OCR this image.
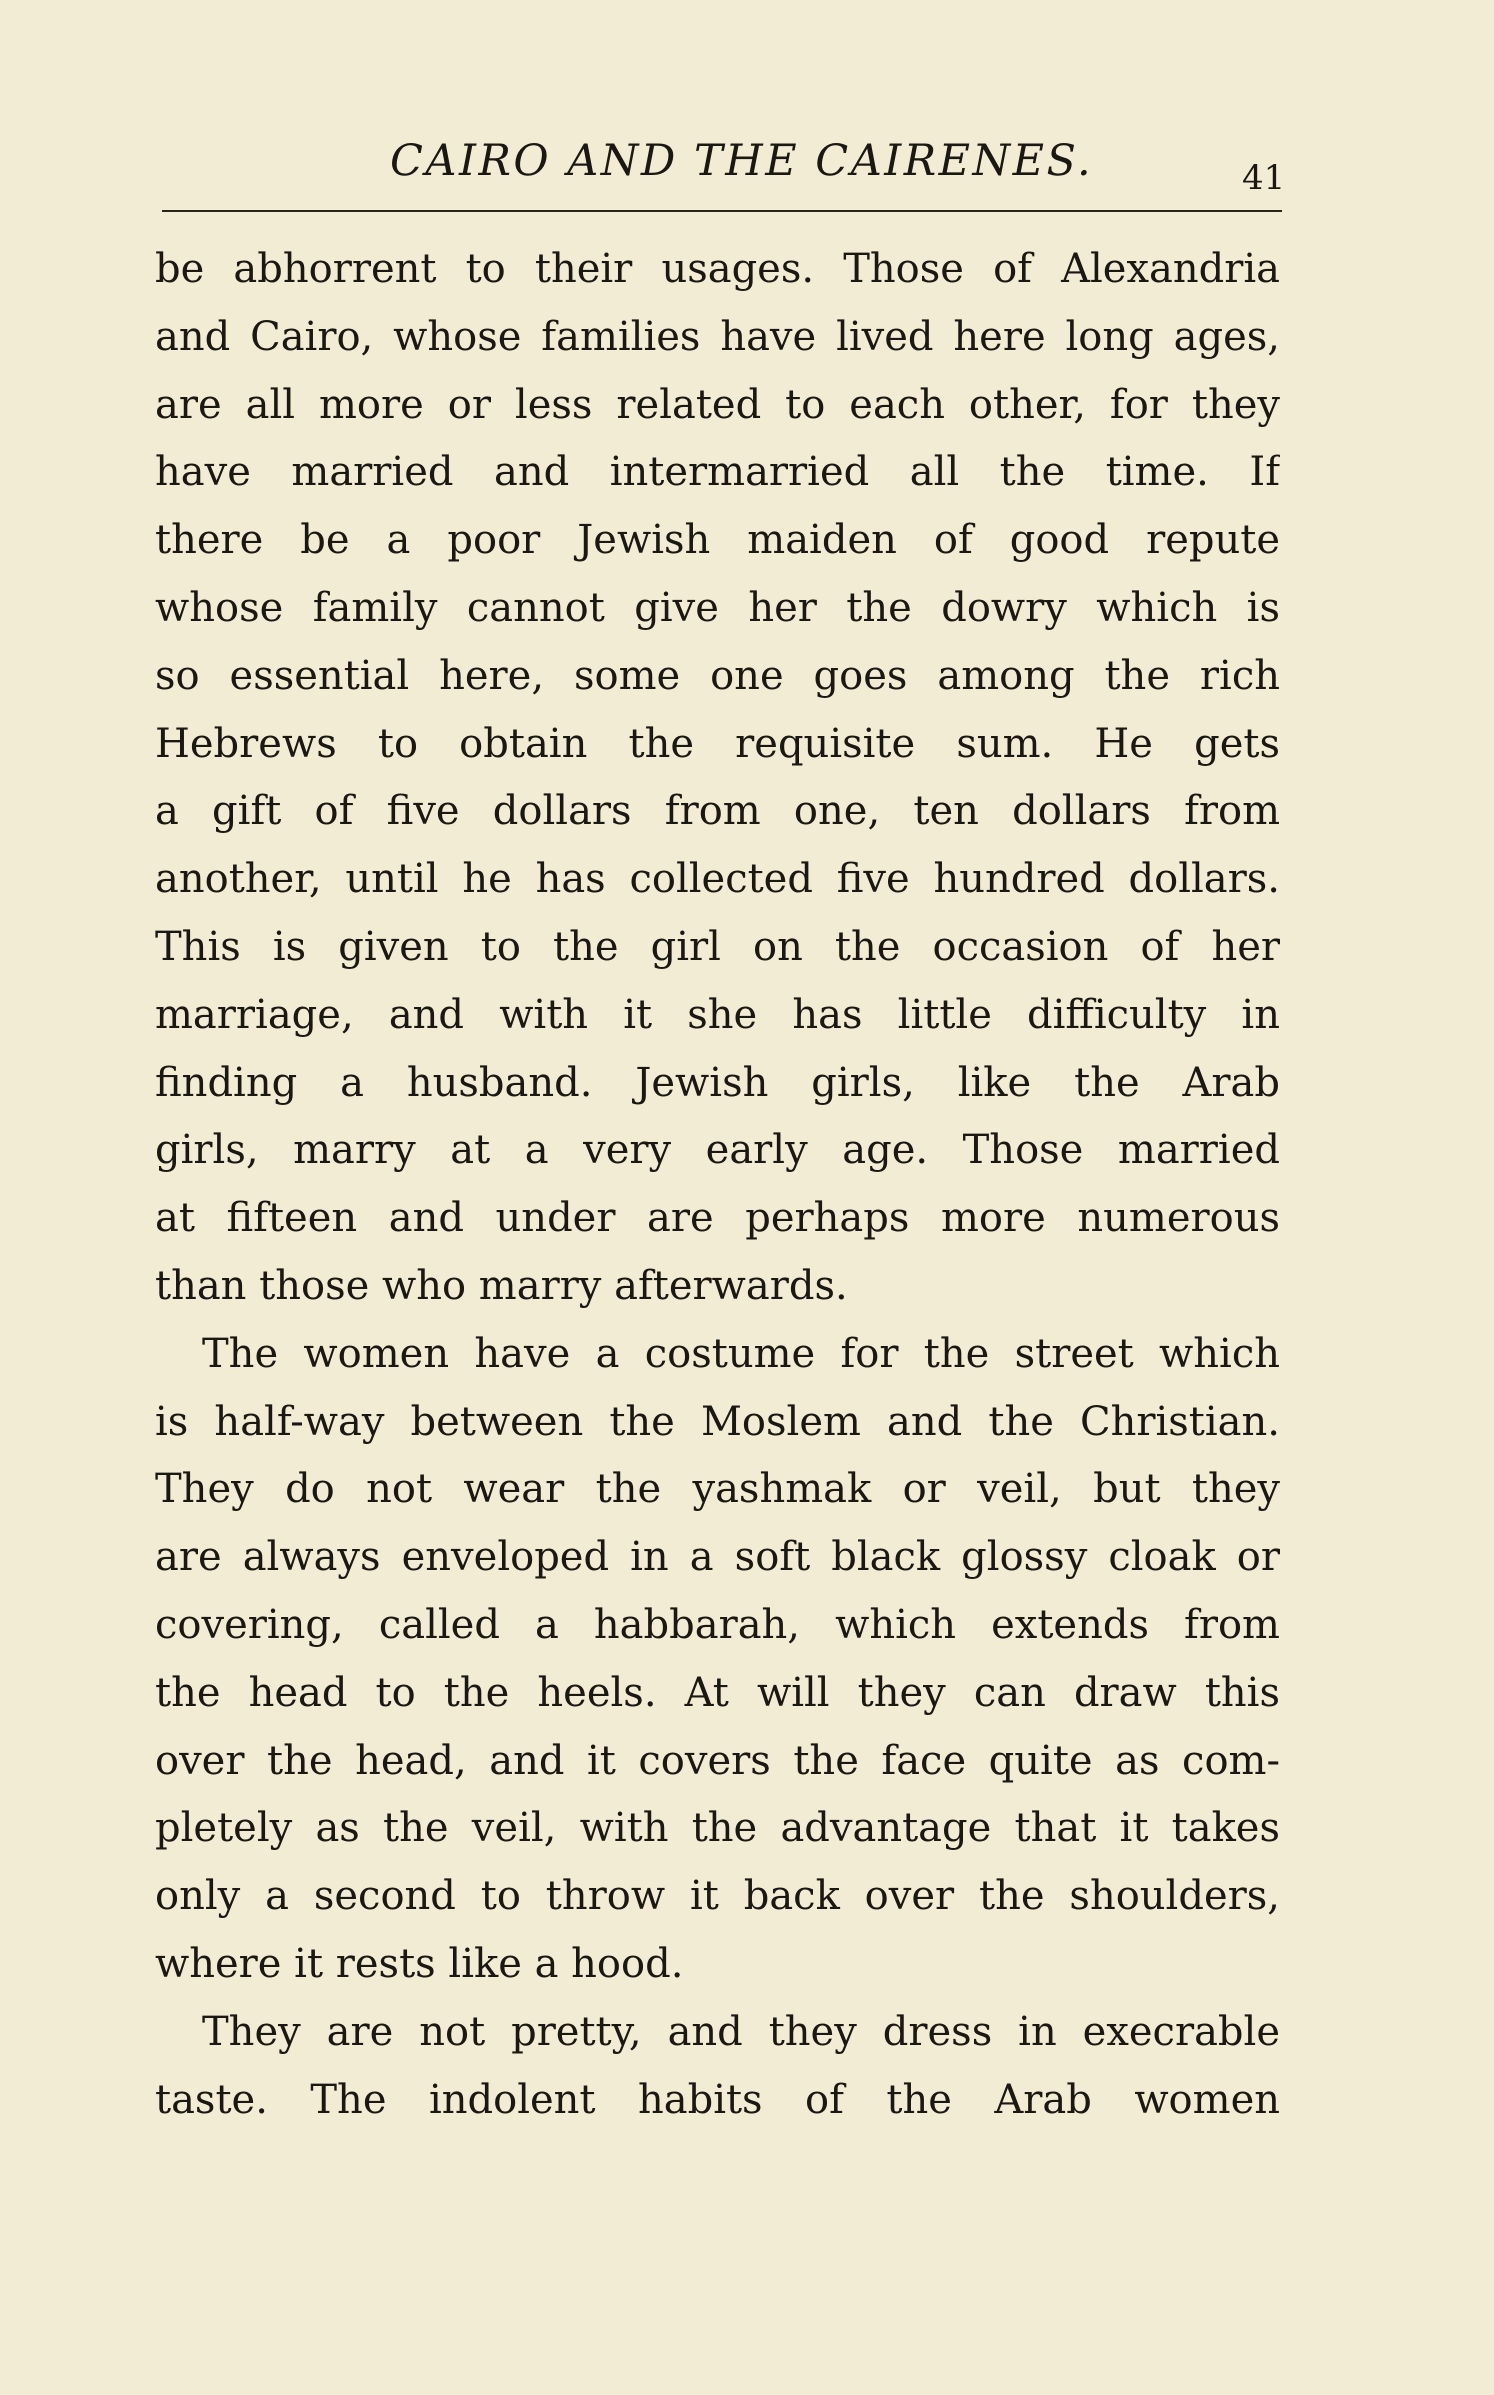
CAIRO AND THE CAIRENES.	41
be abhorrent to their usages. Those of Alexandria
and Cairo, whose families have lived here long ages,
are all more or less related to each other, for they
have married and intermarried all the time. If
there be a poor Jewish maiden of good repute
whose family cannot give her the dowry which is
so essential here, some one goes among the rich
Hebrews to obtain the requisite sum. He gets
a gift of five dollars from one, ten dollars from
another, until he has collected five hundred dollars.
This is given to the girl on the occasion of her
marriage, and with it she has little difficulty in
finding a husband. Jewish girls, like the Arab
girls, marry at a very early age. Those married
at fifteen and under are perhaps more numerous
than those who marry afterwards.
The women have a costume for the street which
is half-way between the Moslem and the Christian.
They do not wear the yashmak or veil, but they
are always enveloped in a soft black glossy cloak or
covering, called a habbarah, which extends from
the head to the heels. At will they can draw this
over the head, and it covers the face quite as com-
pletely as the veil, with the advantage that it takes
only a second to throw it back over the shoulders,
where it rests like a hood.
They are not pretty, and they dress in execrable
taste. The indolent habits of the Arab women
